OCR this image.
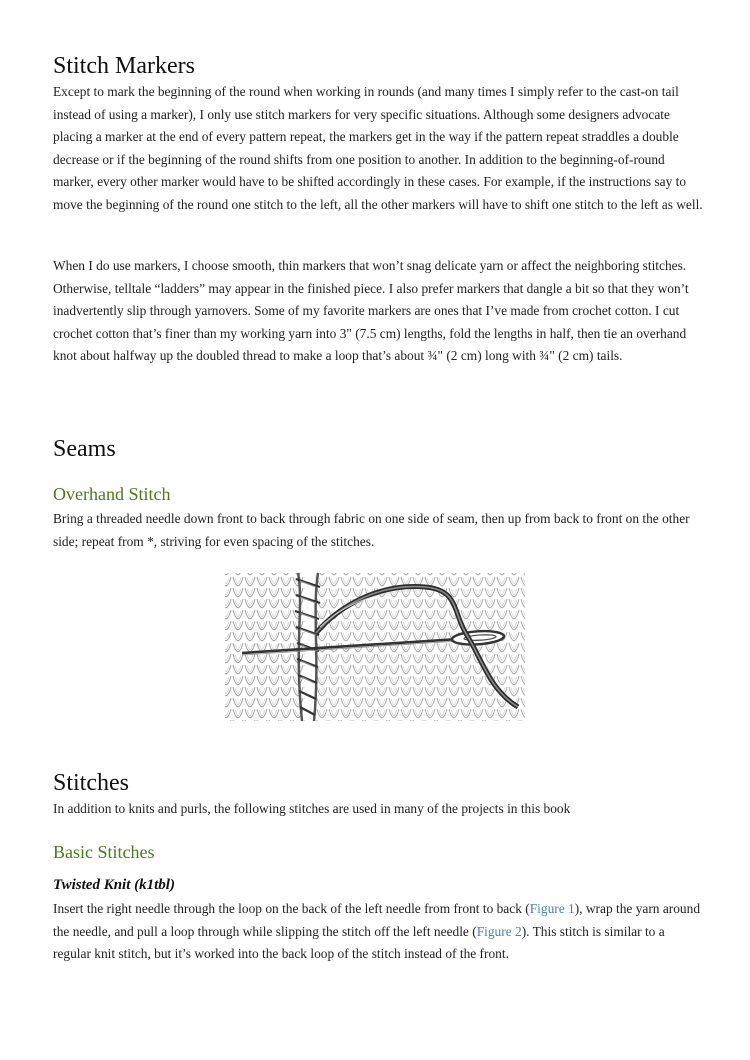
Stitch Markers

Except to mark the beginning of the round when working in rounds (and many times I simply refer to the cast-on tail instead of using a marker), I only use stitch markers for very specific situations. Although some designers advocate placing a marker at the end of every pattern repeat, the markers get in the way if the pattern repeat straddles a double decrease or if the beginning of the round shifts from one position to another. In addition to the beginning-of-round marker, every other marker would have to be shifted accordingly in these cases. For example, if the instructions say to move the beginning of the round one stitch to the left, all the other markers will have to shift one stitch to the left as well.

When I do use markers, I choose smooth, thin markers that won’t snag delicate yarn or affect the neighboring stitches. Otherwise, telltale “ladders” may appear in the finished piece. I also prefer markers that dangle a bit so that they won’t inadvertently slip through yarnovers. Some of my favorite markers are ones that I’ve made from crochet cotton. I cut crochet cotton that’s finer than my working yarn into 3" (7.5 cm) lengths, fold the lengths in half, then tie an overhand knot about halfway up the doubled thread to make a loop that’s about ¾" (2 cm) long with ¾" (2 cm) tails.

Seams
Overhand Stitch

Bring a threaded needle down front to back through fabric on one side of seam, then up from back to front on the other side; repeat from *, striving for even spacing of the stitches.

Stitches

In addition to knits and purls, the following stitches are used in many of the projects in this book

Basic Stitches
Twisted Knit (k1tbl)

Insert the right needle through the loop on the back of the left needle from front to back (Figure 1), wrap the yarn around the needle, and pull a loop through while slipping the stitch off the left needle (Figure 2). This stitch is similar to a regular knit stitch, but it’s worked into the back loop of the stitch instead of the front.
